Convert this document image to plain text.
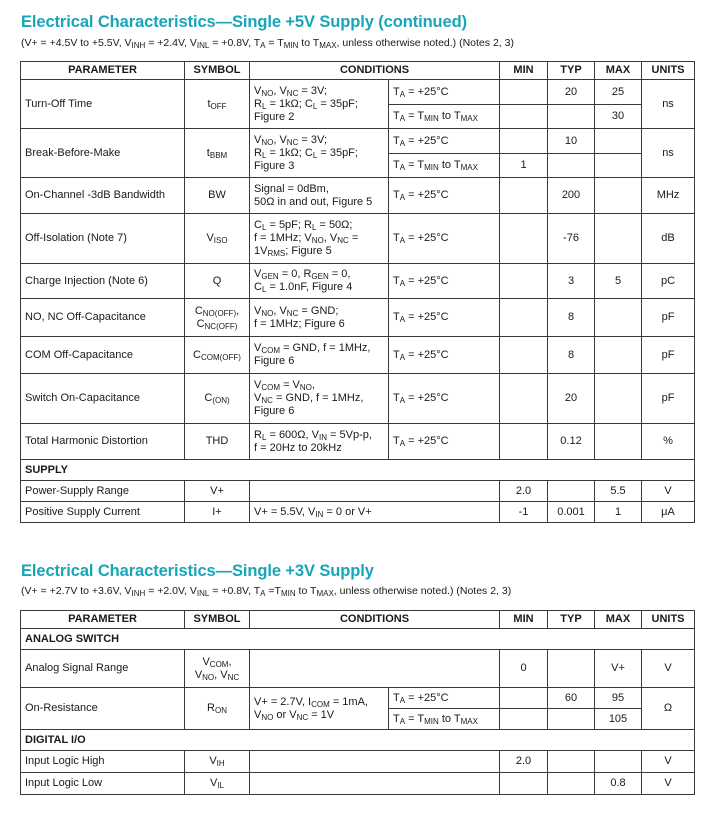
Electrical Characteristics—Single +5V Supply (continued)
(V+ = +4.5V to +5.5V, $V_{INH} = +2.4V$, $V_{INL} = +0.8V$, $T_A = T_{MIN}$ to $T_{MAX}$, unless otherwise noted.) (Notes 2, 3)
PARAMETER	SYMBOL	CONDITIONS		MIN	TYP	MAX	UNITS
Turn-Off Time	$t_{OFF}$	$V_{NO}$, $V_{NC} = 3V$;
$R_L = 1k\Omega$; $C_L = 35pF$;
Figure 2	$T_A = +25^\circ C$		20	25	ns
			$T_A = T_{MIN}$ to $T_{MAX}$			30	
Break-Before-Make	$t_{BBM}$	$V_{NO}$, $V_{NC} = 3V$;
$R_L = 1k\Omega$; $C_L = 35pF$;
Figure 3	$T_A = +25^\circ C$		10		ns
			$T_A = T_{MIN}$ to $T_{MAX}$	1			
On-Channel -3dB Bandwidth	BW	Signal = 0dBm,
50Ω in and out, Figure 5	$T_A = +25^\circ C$		200		MHz
Off-Isolation (Note 7)	$V_{ISO}$	$C_L = 5pF$; $R_L = 50\Omega$;
f = 1MHz; $V_{NO}$, $V_{NC}$ =
$1V_{RMS}$; Figure 5	$T_A = +25^\circ C$		-76		dB
Charge Injection (Note 6)	Q	$V_{GEN} = 0$, $R_{GEN} = 0$,
$C_L = 1.0nF$, Figure 4	$T_A = +25^\circ C$		3	5	pC
NO, NC Off-Capacitance	$C_{NO(OFF)}$,
$C_{NC(OFF)}$	$V_{NO}$, $V_{NC}$ = GND;
f = 1MHz; Figure 6	$T_A = +25^\circ C$		8		pF
COM Off-Capacitance	$C_{COM(OFF)}$	$V_{COM}$ = GND, f = 1MHz,
Figure 6	$T_A = +25^\circ C$		8		pF
Switch On-Capacitance	$C_{(ON)}$	$V_{COM} = V_{NO}$,
$V_{NC}$ = GND, f = 1MHz,
Figure 6	$T_A = +25^\circ C$		20		pF
Total Harmonic Distortion	THD	$R_L = 600\Omega$, $V_{IN} = 5Vp-p$,
f = 20Hz to 20kHz	$T_A = +25^\circ C$		0.12		%
SUPPLY							
Power-Supply Range	V+			2.0		5.5	V
Positive Supply Current	I+	V+ = 5.5V, $V_{IN} = 0$ or V+		-1	0.001	1	μA
Electrical Characteristics—Single +3V Supply
(V+ = +2.7V to +3.6V, $V_{INH} = +2.0V$, $V_{INL} = +0.8V$, $T_A =T_{MIN}$ to $T_{MAX}$, unless otherwise noted.) (Notes 2, 3)
PARAMETER	SYMBOL	CONDITIONS		MIN	TYP	MAX	UNITS
ANALOG SWITCH							
Analog Signal Range	$V_{COM}$,
$V_{NO}$, $V_{NC}$			0		V+	V
On-Resistance	$R_{ON}$	V+ = 2.7V, $I_{COM} = 1mA$,
$V_{NO}$ or $V_{NC} = 1V$	$T_A = +25^\circ C$		60	95	Ω
			$T_A = T_{MIN}$ to $T_{MAX}$			105	
DIGITAL I/O							
Input Logic High	$V_{IH}$			2.0			V
Input Logic Low	$V_{IL}$					0.8	V
